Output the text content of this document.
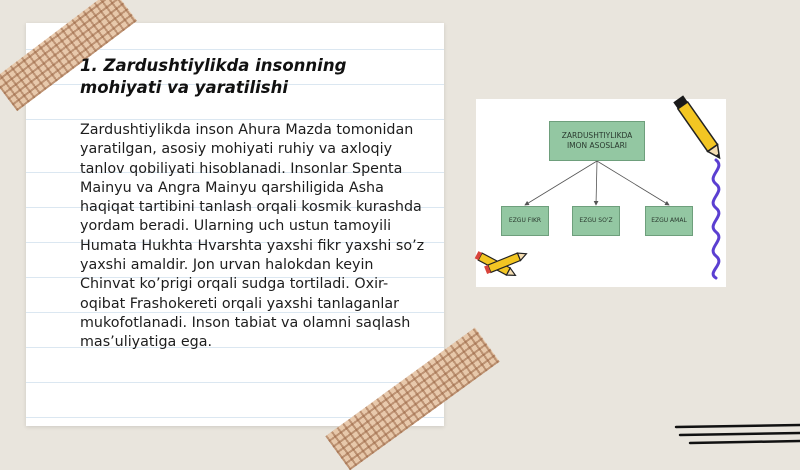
1. Zardushtiylikda insonning mohiyati va yaratilishi

Zardushtiylikda inson Ahura Mazda tomonidan yaratilgan, asosiy mohiyati ruhiy va axloqiy tanlov qobiliyati hisoblanadi. Insonlar Spenta Mainyu va Angra Mainyu qarshiligida Asha haqiqat tartibini tanlash orqali kosmik kurashda yordam beradi. Ularning uch ustun tamoyili Humata Hukhta Hvarshta yaxshi fikr yaxshi so’z yaxshi amaldir. Jon urvan halokdan keyin Chinvat ko’prigi orqali sudga tortiladi. Oxir-oqibat Frashokereti orqali yaxshi tanlaganlar mukofotlanadi. Inson tabiat va olamni saqlash mas’uliyatiga ega.

ZARDUSHTIYLIKDA IMON ASOSLARI
EZGU FIKR	EZGU SO'Z	EZGU AMAL
